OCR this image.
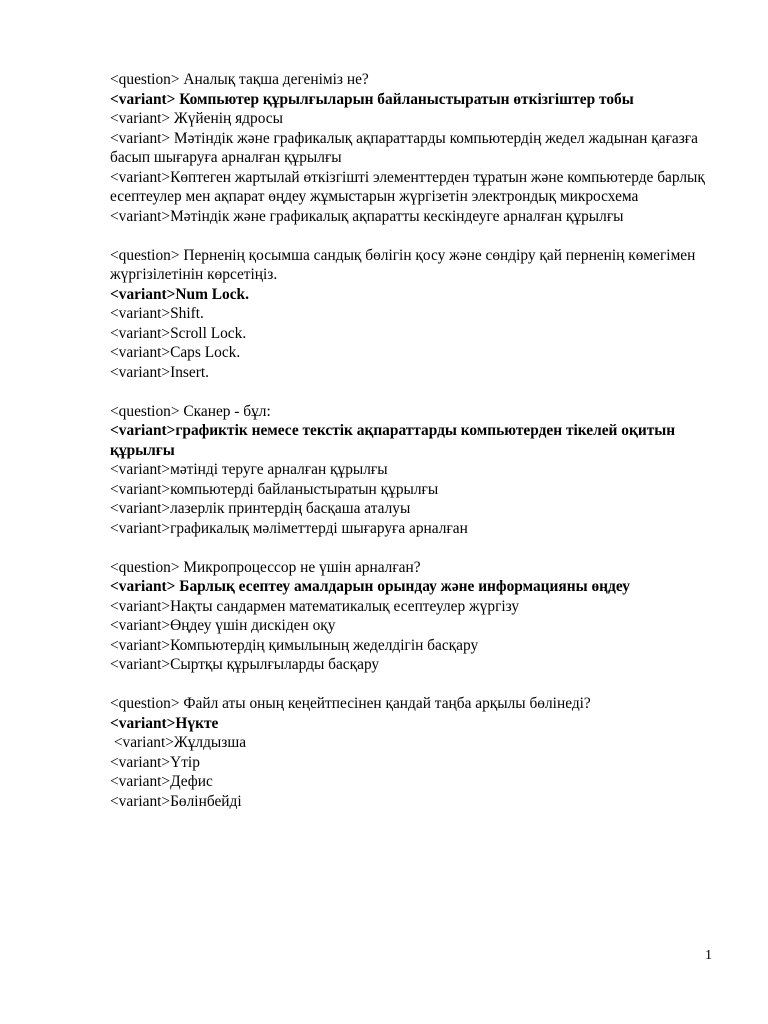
<question> Аналық тақша дегеніміз не?
<variant> Компьютер құрылғыларын байланыстыратын өткізгіштер тобы
<variant> Жүйенің ядросы
<variant> Мәтіндік және графикалық ақпараттарды компьютердің жедел жадынан қағазға басып шығаруға арналған құрылғы
<variant>Көптеген жартылай өткізгішті элементтерден тұратын және компьютерде барлық есептеулер мен ақпарат өңдеу жұмыстарын жүргізетін электрондық микросхема
<variant>Мәтіндік және графикалық ақпаратты кескіндеуге арналған құрылғы
<question> Перненің қосымша сандық бөлігін қосу және сөндіру қай перненің көмегімен жүргізілетінін көрсетіңіз.
<variant>Num Lock.
<variant>Shift.
<variant>Scroll Lock.
<variant>Caps Lock.
<variant>Insert.
<question> Сканер - бұл:
<variant>графиктік немесе текстік ақпараттарды компьютерден тікелей оқитын құрылғы
<variant>мәтінді теруге арналған құрылғы
<variant>компьютерді байланыстыратын құрылғы
<variant>лазерлік принтердің басқаша аталуы
<variant>графикалық мәліметтерді шығаруға арналған
<question> Микропроцессор не үшін арналған?
<variant> Барлық есептеу амалдарын орындау және информацияны өңдеу
<variant>Нақты сандармен математикалық есептеулер жүргізу
<variant>Өңдеу үшін дискіден оқу
<variant>Компьютердің қимылының жеделдігін басқару
<variant>Сыртқы құрылғыларды басқару
<question> Файл аты оның кеңейтпесінен қандай таңба арқылы бөлінеді?
<variant>Нүкте
<variant>Жұлдызша
<variant>Үтір
<variant>Дефис
<variant>Бөлінбейді
1
